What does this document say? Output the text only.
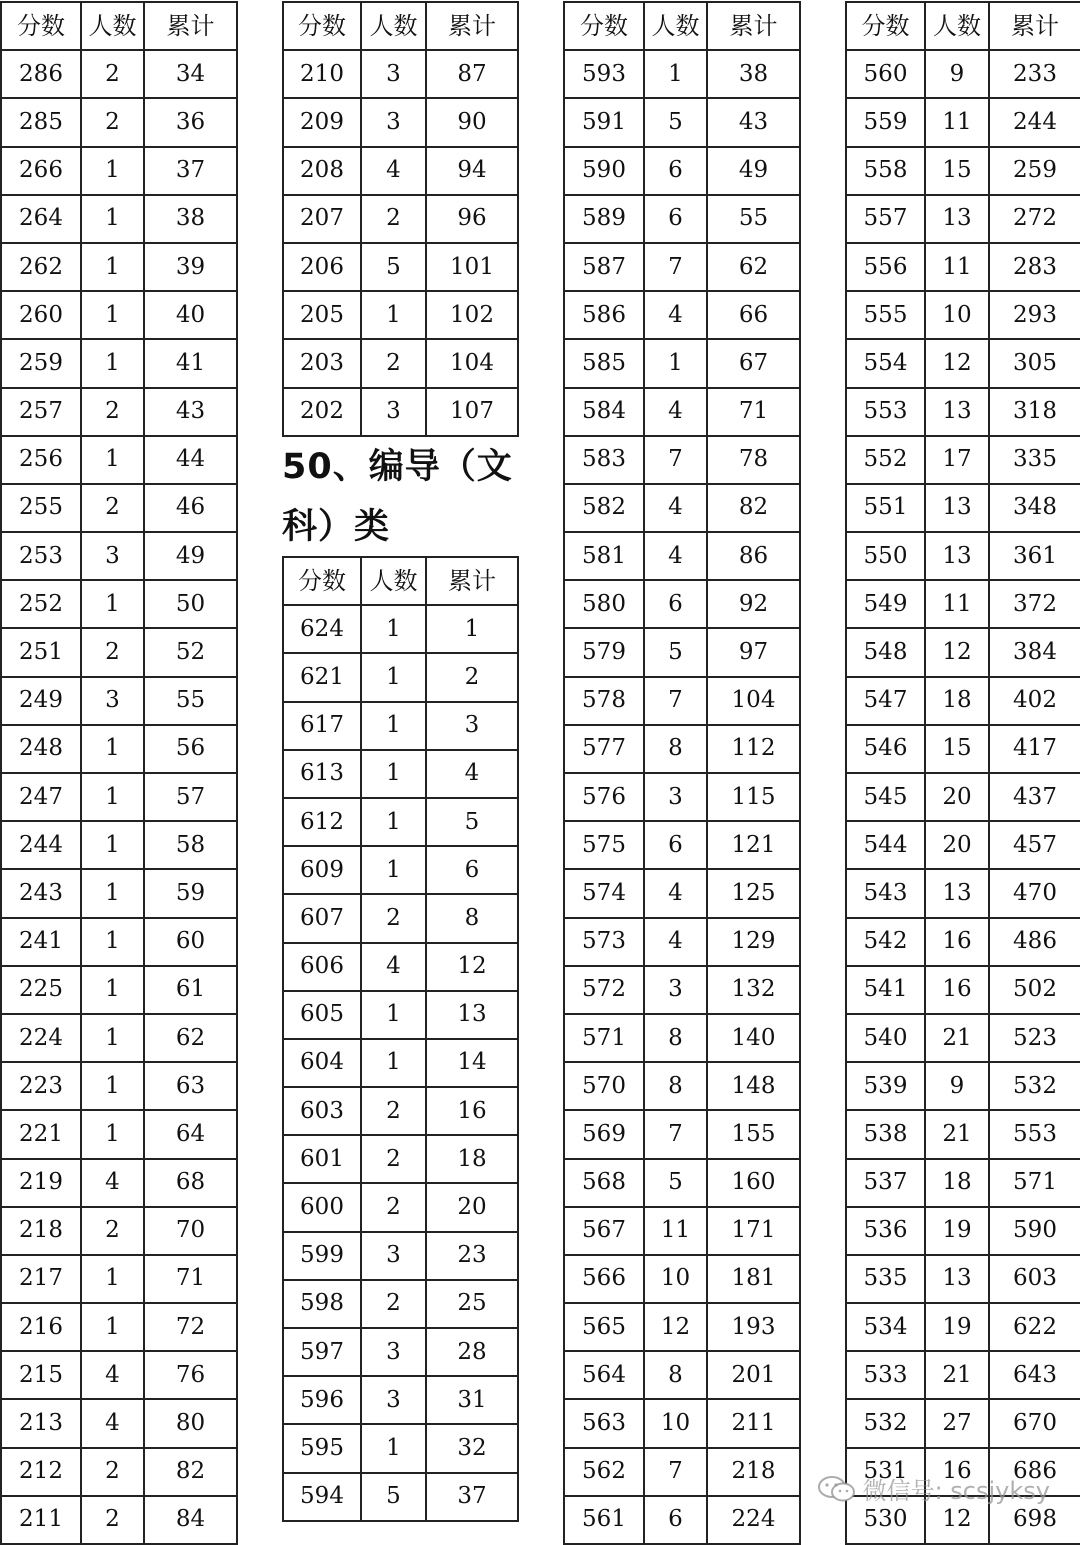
分数	人数	累计
286	2	34
285	2	36
266	1	37
264	1	38
262	1	39
260	1	40
259	1	41
257	2	43
256	1	44
255	2	46
253	3	49
252	1	50
251	2	52
249	3	55
248	1	56
247	1	57
244	1	58
243	1	59
241	1	60
225	1	61
224	1	62
223	1	63
221	1	64
219	4	68
218	2	70
217	1	71
216	1	72
215	4	76
213	4	80
212	2	82
211	2	84
分数	人数	累计
210	3	87
209	3	90
208	4	94
207	2	96
206	5	101
205	1	102
203	2	104
202	3	107
50、编导（文科）类
分数	人数	累计
624	1	1
621	1	2
617	1	3
613	1	4
612	1	5
609	1	6
607	2	8
606	4	12
605	1	13
604	1	14
603	2	16
601	2	18
600	2	20
599	3	23
598	2	25
597	3	28
596	3	31
595	1	32
594	5	37
分数	人数	累计
593	1	38
591	5	43
590	6	49
589	6	55
587	7	62
586	4	66
585	1	67
584	4	71
583	7	78
582	4	82
581	4	86
580	6	92
579	5	97
578	7	104
577	8	112
576	3	115
575	6	121
574	4	125
573	4	129
572	3	132
571	8	140
570	8	148
569	7	155
568	5	160
567	11	171
566	10	181
565	12	193
564	8	201
563	10	211
562	7	218
561	6	224
分数	人数	累计
560	9	233
559	11	244
558	15	259
557	13	272
556	11	283
555	10	293
554	12	305
553	13	318
552	17	335
551	13	348
550	13	361
549	11	372
548	12	384
547	18	402
546	15	417
545	20	437
544	20	457
543	13	470
542	16	486
541	16	502
540	21	523
539	9	532
538	21	553
537	18	571
536	19	590
535	13	603
534	19	622
533	21	643
532	27	670
531	16	686
530	12	698
微信号: scsjyksy
